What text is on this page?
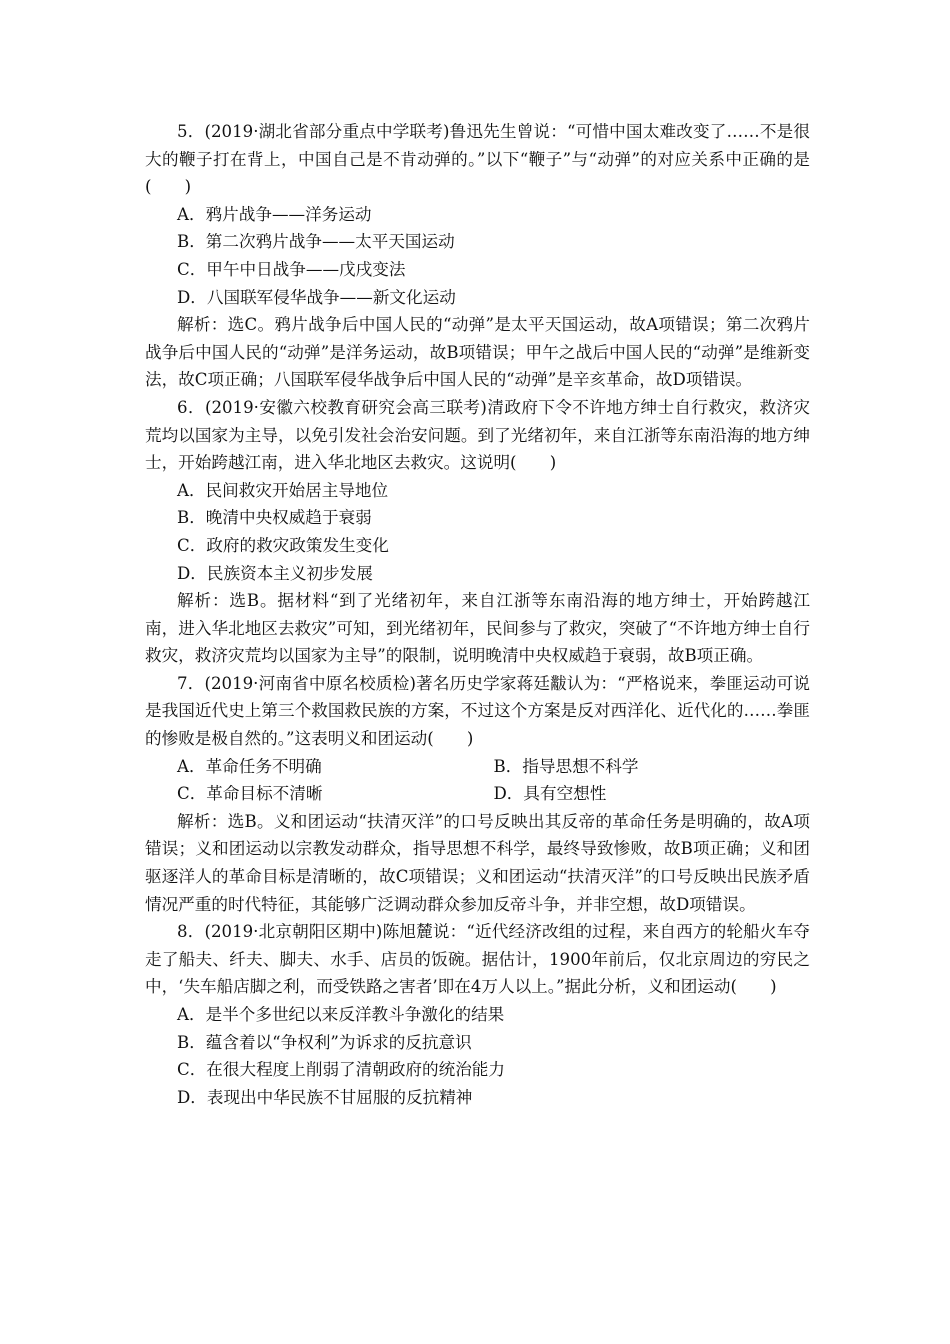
5．(2019·湖北省部分重点中学联考)鲁迅先生曾说：“可惜中国太难改变了……不是很大的鞭子打在背上，中国自己是不肯动弹的。”以下“鞭子”与“动弹”的对应关系中正确的是(　　)

A．鸦片战争——洋务运动

B．第二次鸦片战争——太平天国运动

C．甲午中日战争——戊戌变法

D．八国联军侵华战争——新文化运动

解析：选C。鸦片战争后中国人民的“动弹”是太平天国运动，故A项错误；第二次鸦片战争后中国人民的“动弹”是洋务运动，故B项错误；甲午之战后中国人民的“动弹”是维新变法，故C项正确；八国联军侵华战争后中国人民的“动弹”是辛亥革命，故D项错误。

6．(2019·安徽六校教育研究会高三联考)清政府下令不许地方绅士自行救灾，救济灾荒均以国家为主导，以免引发社会治安问题。到了光绪初年，来自江浙等东南沿海的地方绅士，开始跨越江南，进入华北地区去救灾。这说明(　　)

A．民间救灾开始居主导地位

B．晚清中央权威趋于衰弱

C．政府的救灾政策发生变化

D．民族资本主义初步发展

解析：选B。据材料“到了光绪初年，来自江浙等东南沿海的地方绅士，开始跨越江南，进入华北地区去救灾”可知，到光绪初年，民间参与了救灾，突破了“不许地方绅士自行救灾，救济灾荒均以国家为主导”的限制，说明晚清中央权威趋于衰弱，故B项正确。

7．(2019·河南省中原名校质检)著名历史学家蒋廷黻认为：“严格说来，拳匪运动可说是我国近代史上第三个救国救民族的方案，不过这个方案是反对西洋化、近代化的……拳匪的惨败是极自然的。”这表明义和团运动(　　)

A．革命任务不明确	B．指导思想不科学
C．革命目标不清晰	D．具有空想性

解析：选B。义和团运动“扶清灭洋”的口号反映出其反帝的革命任务是明确的，故A项错误；义和团运动以宗教发动群众，指导思想不科学，最终导致惨败，故B项正确；义和团驱逐洋人的革命目标是清晰的，故C项错误；义和团运动“扶清灭洋”的口号反映出民族矛盾情况严重的时代特征，其能够广泛调动群众参加反帝斗争，并非空想，故D项错误。

8．(2019·北京朝阳区期中)陈旭麓说：“近代经济改组的过程，来自西方的轮船火车夺走了船夫、纤夫、脚夫、水手、店员的饭碗。据估计，1900年前后，仅北京周边的穷民之中，‘失车船店脚之利，而受铁路之害者’即在4万人以上。”据此分析，义和团运动(　　)

A．是半个多世纪以来反洋教斗争激化的结果

B．蕴含着以“争权利”为诉求的反抗意识

C．在很大程度上削弱了清朝政府的统治能力

D．表现出中华民族不甘屈服的反抗精神
